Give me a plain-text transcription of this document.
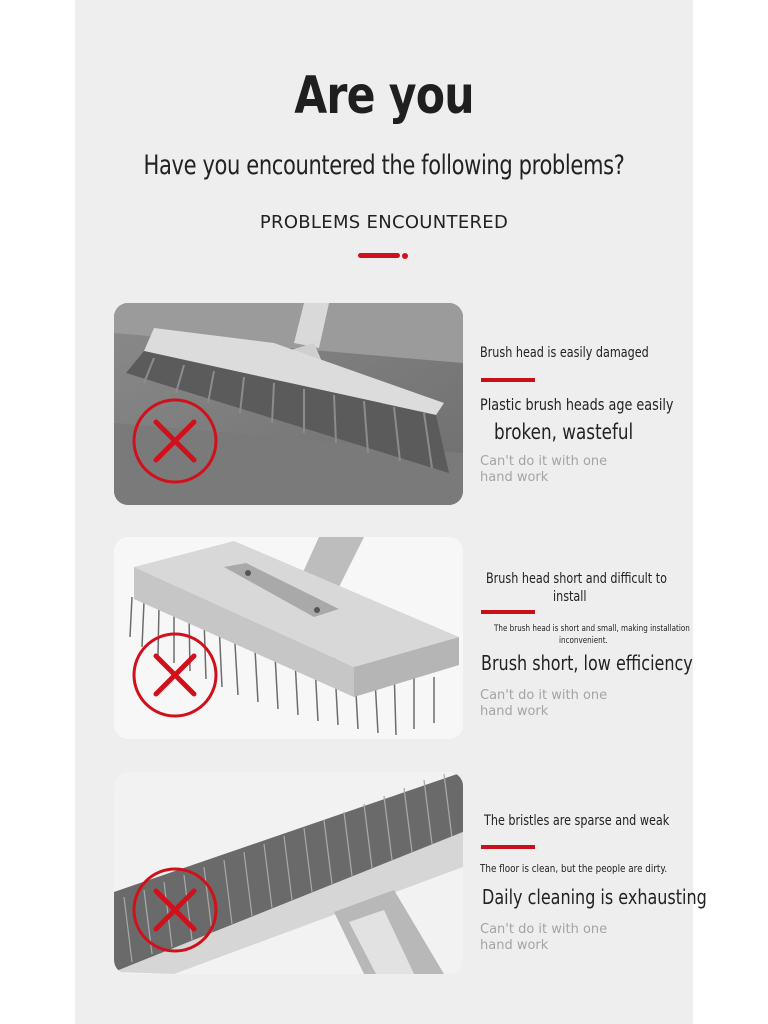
Are you
Have you encountered the following problems?
PROBLEMS ENCOUNTERED
Brush head is easily damaged
Plastic brush heads age easily
broken, wasteful
Can't do it with one
hand work
Brush head short and difficult to
install
The brush head is short and small, making installation
inconvenient.
Brush short, low efficiency
Can't do it with one
hand work
The bristles are sparse and weak
The floor is clean, but the people are dirty.
Daily cleaning is exhausting
Can't do it with one
hand work
